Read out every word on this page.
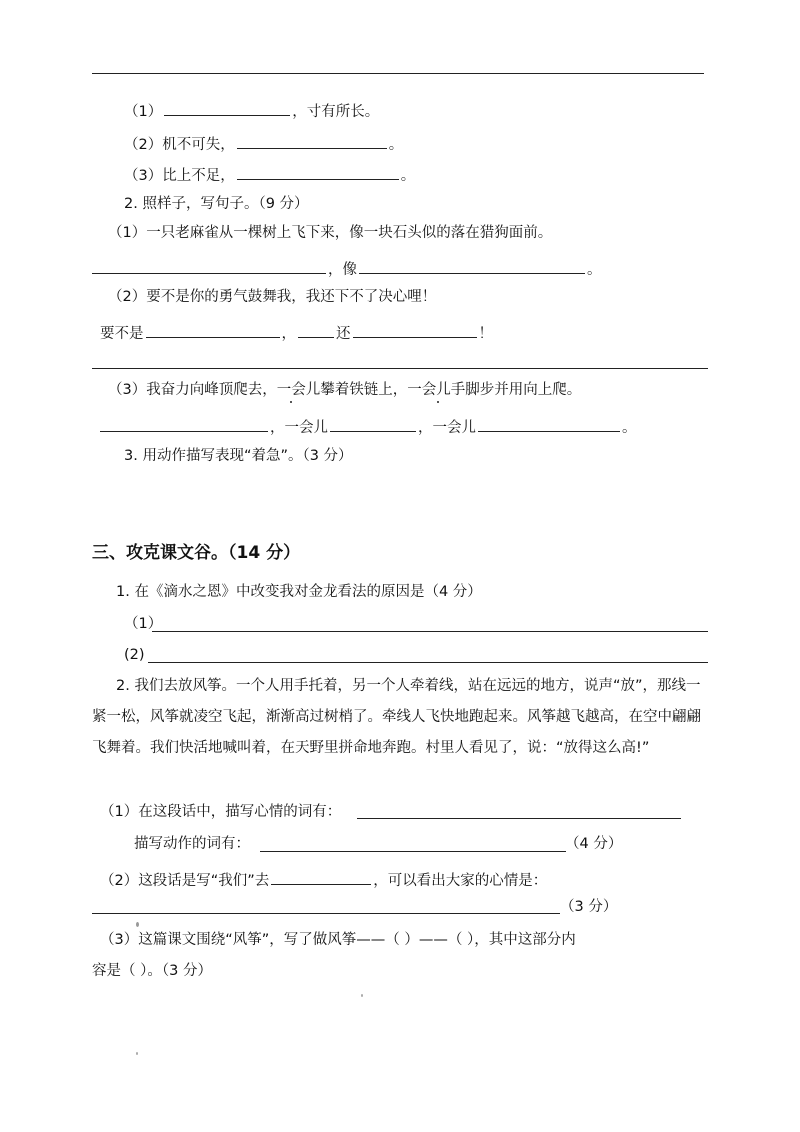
（1）	，寸有所长。
（2）机不可失，	。
（3）比上不足，	。
2. 照样子，写句子。（9 分）
（1）一只老麻雀从一棵树上飞下来，像一块石头似的落在猎狗面前。
，像	。
（2）要不是你的勇气鼓舞我，我还下不了决心哩！
要不是	，	还	！
（3）我奋力向峰顶爬去，一会儿攀着铁链上，一会儿手脚步并用向上爬。
，一会儿	，一会儿	。
3. 用动作描写表现“着急”。（3 分）
三、攻克课文谷。（14 分）
1. 在《滴水之恩》中改变我对金龙看法的原因是（4 分）
（1）
(2)
2. 我们去放风筝。一个人用手托着，另一个人牵着线，站在远远的地方，说声“放”，那线一紧一松，风筝就凌空飞起，渐渐高过树梢了。牵线人飞快地跑起来。风筝越飞越高，在空中翩翩飞舞着。我们快活地喊叫着，在天野里拼命地奔跑。村里人看见了，说：“放得这么高!”
（1）在这段话中，描写心情的词有：
描写动作的词有：	（4 分）
（2）这段话是写“我们”去	，可以看出大家的心情是：
（3 分）
（3）这篇课文围绕“风筝”，写了做风筝——（ ）——（ ），其中这部分内
容是（ ）。（3 分）
